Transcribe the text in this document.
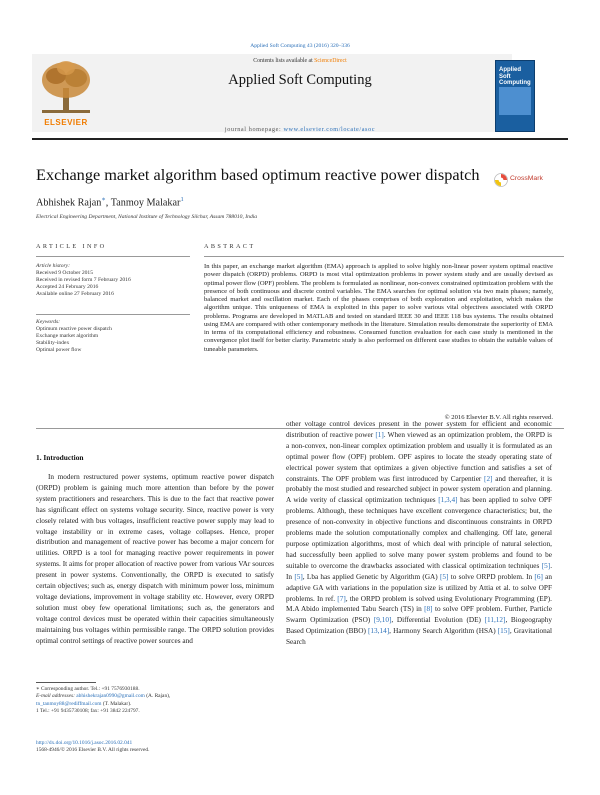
Applied Soft Computing 43 (2016) 320–336
ELSEVIER
Contents lists available at ScienceDirect
Applied Soft Computing
journal homepage: www.elsevier.com/locate/asoc
Applied Soft Computing
Exchange market algorithm based optimum reactive power dispatch	CrossMark
Abhishek Rajan∗, Tanmoy Malakar$^1$
Electrical Engineering Department, National Institute of Technology Silchar, Assam 788010, India
ARTICLE INFO
Article history:
Received 9 October 2015
Received in revised form 7 February 2016
Accepted 24 February 2016
Available online 27 February 2016
Keywords:
Optimum reactive power dispatch
Exchange market algorithm
Stability-index
Optimal power flow
ABSTRACT
In this paper, an exchange market algorithm (EMA) approach is applied to solve highly non-linear power system optimal reactive power dispatch (ORPD) problems. ORPD is most vital optimization problems in power system study and are usually devised as optimal power flow (OPF) problem. The problem is formulated as nonlinear, non-convex constrained optimization problem with the presence of both continuous and discrete control variables. The EMA searches for optimal solution via two main phases; namely, balanced market and oscillation market. Each of the phases comprises of both exploration and exploitation, which makes the algorithm unique. This uniqueness of EMA is exploited in this paper to solve various vital objectives associated with ORPD problems. Programs are developed in MATLAB and tested on standard IEEE 30 and IEEE 118 bus systems. The results obtained using EMA are compared with other contemporary methods in the literature. Simulation results demonstrate the superiority of EMA in terms of its computational efficiency and robustness. Consumed function evaluation for each case study is mentioned in the convergence plot itself for better clarity. Parametric study is also performed on different case studies to obtain the suitable values of tuneable parameters.
© 2016 Elsevier B.V. All rights reserved.
1. Introduction

In modern restructured power systems, optimum reactive power dispatch (ORPD) problem is gaining much more attention than before by the power system practitioners and researchers. This is due to the fact that reactive power has significant effect on systems voltage security. Since, reactive power is very closely related with bus voltages, insufficient reactive power supply may lead to voltage instability or in extreme cases, voltage collapses. Hence, proper distribution and management of reactive power has become a major concern for utilities. ORPD is a tool for managing reactive power requirements in power systems. It aims for proper allocation of reactive power from various VAr sources present in power systems. Conventionally, the ORPD is executed to satisfy certain objectives; such as, energy dispatch with minimum power loss, minimum voltage deviations, improvement in voltage stability etc. However, every ORPD solution must obey few operational limitations; such as, the generators and voltage control devices must be operated within their capacities simultaneously maintaining bus voltages within permissible range. The ORPD solution provides optimal control settings of reactive power sources and

other voltage control devices present in the power system for efficient and economic distribution of reactive power [1]. When viewed as an optimization problem, the ORPD is a non-convex, non-linear complex optimization problem and usually it is formulated as an optimal power flow (OPF) problem. OPF aspires to locate the steady operating state of electrical power system that optimizes a given objective function and satisfies a set of constraints. The OPF problem was first introduced by Carpentier [2] and thereafter, it is probably the most studied and researched subject in power system operation and planning. A wide verity of classical optimization techniques [1,3,4] has been applied to solve OPF problems. Although, these techniques have excellent convergence characteristics; but, the presence of non-convexity in objective functions and discontinuous constraints in ORPD problems made the solution computationally complex and challenging. Off late, general purpose optimization algorithms, most of which deal with principle of natural selection, had successfully been applied to solve many power system problems and found to be suitable to overcome the drawbacks associated with classical optimization techniques [5]. In [5], Lba has applied Genetic by Algorithm (GA) [5] to solve ORPD problem. In [6] an adaptive GA with variations in the population size is utilized by Attia et al. to solve OPF problems. In ref. [7], the ORPD problem is solved using Evolutionary Programming (EP). M.A Abido implemented Tabu Search (TS) in [8] to solve OPF problem. Further, Particle Swarm Optimization (PSO) [9,10], Differential Evolution (DE) [11,12], Biogeography Based Optimization (BBO) [13,14], Harmony Search Algorithm (HSA) [15], Gravitational Search

∗ Corresponding author. Tel.: +91 7576930188.
E-mail addresses: abhishekrajan0990@gmail.com (A. Rajan),
tn_tanmoy88@rediffmail.com (T. Malakar).
1 Tel.: +91 9435730108; fax: +91 3842 224797.
http://dx.doi.org/10.1016/j.asoc.2016.02.041
1568-4946/© 2016 Elsevier B.V. All rights reserved.
